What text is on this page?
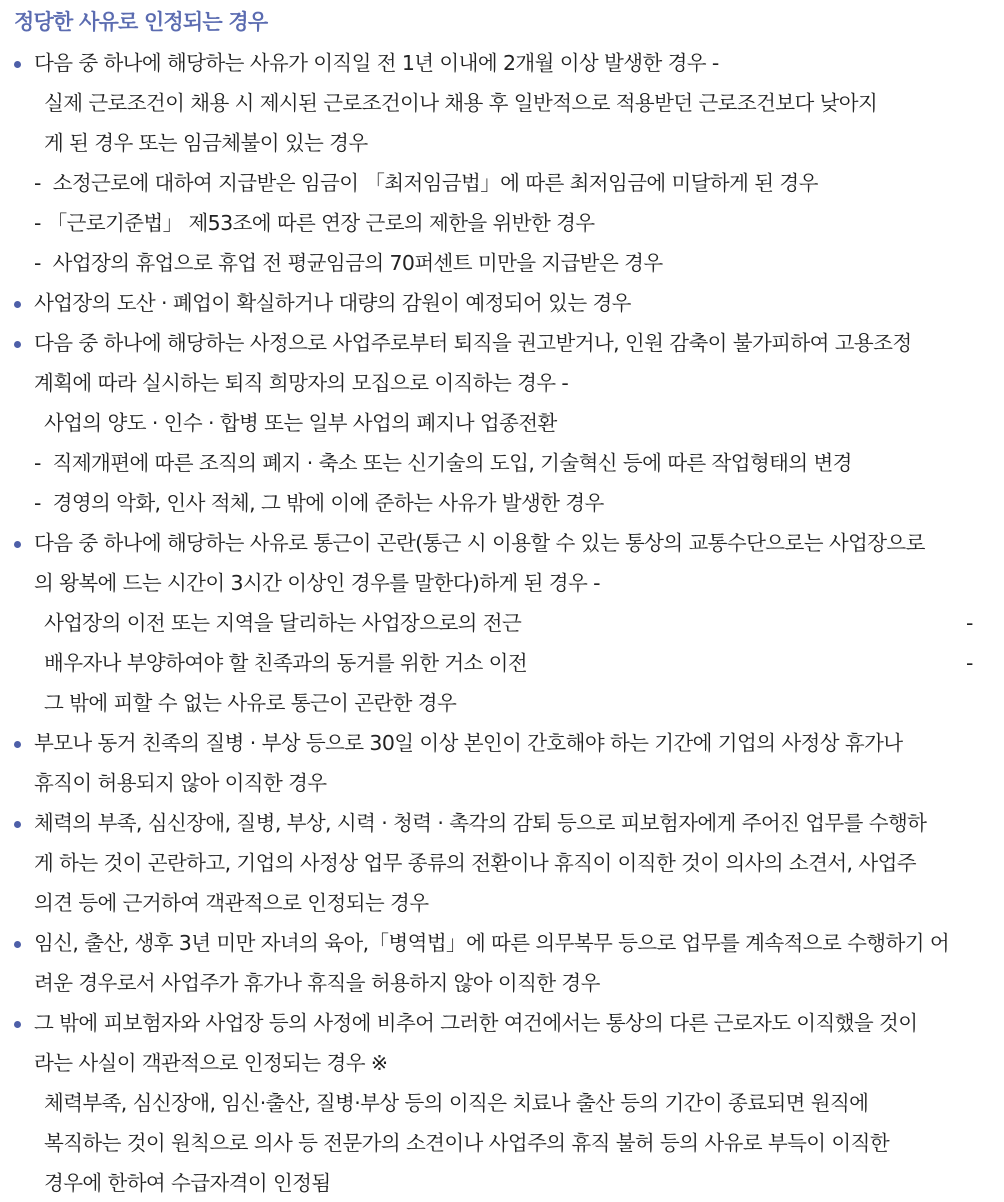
정당한 사유로 인정되는 경우
다음 중 하나에 해당하는 사유가 이직일 전 1년 이내에 2개월 이상 발생한 경우 -
실제 근로조건이 채용 시 제시된 근로조건이나 채용 후 일반적으로 적용받던 근로조건보다 낮아지
게 된 경우 또는 임금체불이 있는 경우
-  소정근로에 대하여 지급받은 임금이 「최저임금법」에 따른 최저임금에 미달하게 된 경우
- 「근로기준법」 제53조에 따른 연장 근로의 제한을 위반한 경우
-  사업장의 휴업으로 휴업 전 평균임금의 70퍼센트 미만을 지급받은 경우
사업장의 도산 · 폐업이 확실하거나 대량의 감원이 예정되어 있는 경우
다음 중 하나에 해당하는 사정으로 사업주로부터 퇴직을 권고받거나, 인원 감축이 불가피하여 고용조정
계획에 따라 실시하는 퇴직 희망자의 모집으로 이직하는 경우 -
사업의 양도 · 인수 · 합병 또는 일부 사업의 폐지나 업종전환
-  직제개편에 따른 조직의 폐지 · 축소 또는 신기술의 도입, 기술혁신 등에 따른 작업형태의 변경
-  경영의 악화, 인사 적체, 그 밖에 이에 준하는 사유가 발생한 경우
다음 중 하나에 해당하는 사유로 통근이 곤란(통근 시 이용할 수 있는 통상의 교통수단으로는 사업장으로
의 왕복에 드는 시간이 3시간 이상인 경우를 말한다)하게 된 경우 -
사업장의 이전 또는 지역을 달리하는 사업장으로의 전근	-
배우자나 부양하여야 할 친족과의 동거를 위한 거소 이전	-
그 밖에 피할 수 없는 사유로 통근이 곤란한 경우
부모나 동거 친족의 질병 · 부상 등으로 30일 이상 본인이 간호해야 하는 기간에 기업의 사정상 휴가나
휴직이 허용되지 않아 이직한 경우
체력의 부족, 심신장애, 질병, 부상, 시력 · 청력 · 촉각의 감퇴 등으로 피보험자에게 주어진 업무를 수행하
게 하는 것이 곤란하고, 기업의 사정상 업무 종류의 전환이나 휴직이 이직한 것이 의사의 소견서, 사업주
의견 등에 근거하여 객관적으로 인정되는 경우
임신, 출산, 생후 3년 미만 자녀의 육아,「병역법」에 따른 의무복무 등으로 업무를 계속적으로 수행하기 어
려운 경우로서 사업주가 휴가나 휴직을 허용하지 않아 이직한 경우
그 밖에 피보험자와 사업장 등의 사정에 비추어 그러한 여건에서는 통상의 다른 근로자도 이직했을 것이
라는 사실이 객관적으로 인정되는 경우 ※
체력부족, 심신장애, 임신·출산, 질병·부상 등의 이직은 치료나 출산 등의 기간이 종료되면 원직에
복직하는 것이 원칙으로 의사 등 전문가의 소견이나 사업주의 휴직 불허 등의 사유로 부득이 이직한
경우에 한하여 수급자격이 인정됨
